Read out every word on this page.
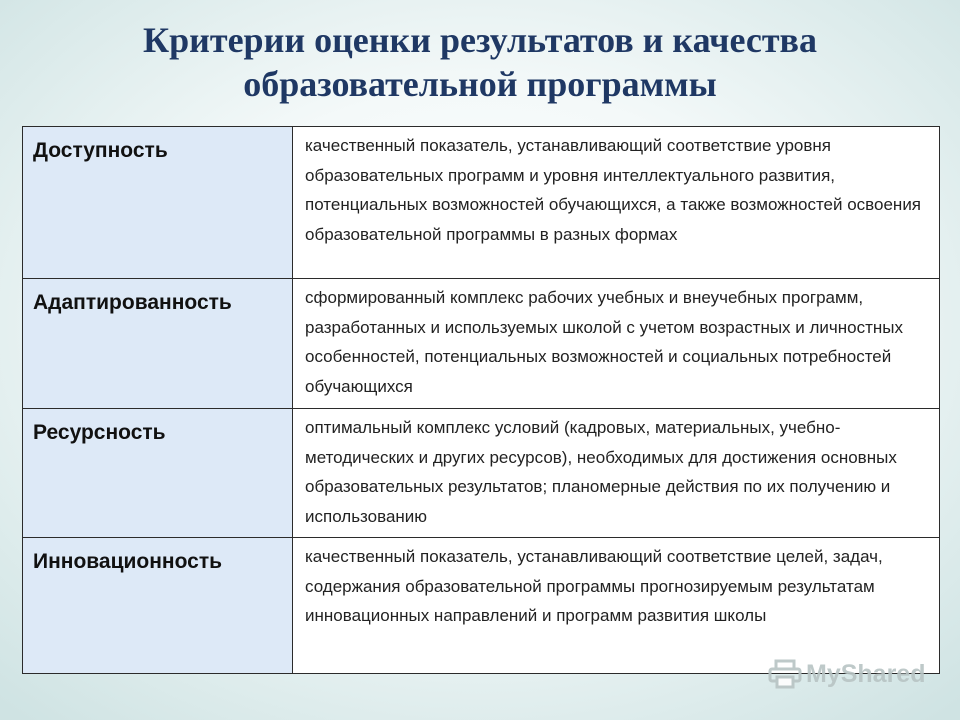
Критерии оценки результатов и качества
образовательной программы
Доступность	качественный показатель, устанавливающий соответствие уровня образовательных программ и уровня интеллектуального развития, потенциальных возможностей обучающихся, а также возможностей освоения образовательной программы в разных формах
Адаптированность	сформированный комплекс рабочих учебных и внеучебных программ, разработанных и используемых школой с учетом возрастных и личностных особенностей, потенциальных возможностей и социальных потребностей обучающихся
Ресурсность	оптимальный комплекс условий (кадровых, материальных, учебно-методических и других ресурсов), необходимых для достижения основных образовательных результатов; планомерные действия по их получению и использованию
Инновационность	качественный показатель, устанавливающий соответствие целей, задач, содержания образовательной программы прогнозируемым результатам инновационных направлений и программ развития школы
MyShared
